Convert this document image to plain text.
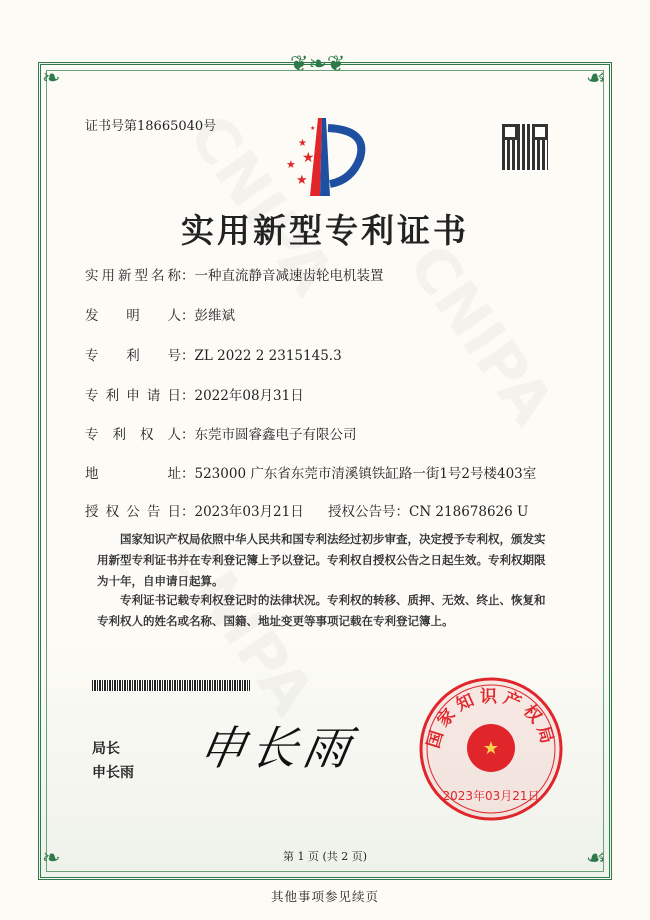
❦❧❦
❧	☙
❧	☙
证书号第18665040号
★
★
★
★
★
实用新型专利证书
实用新型名称：一种直流静音减速齿轮电机装置
发明人：彭维斌
专利号：ZL 2022 2 2315145.3
专利申请日：2022年08月31日
专利权人：东莞市圆睿鑫电子有限公司
地址：523000 广东省东莞市清溪镇铁缸路一街1号2号楼403室
授权公告日：2023年03月21日 授权公告号：CN 218678626 U
国家知识产权局依照中华人民共和国专利法经过初步审查，决定授予专利权，颁发实用新型专利证书并在专利登记簿上予以登记。专利权自授权公告之日起生效。专利权期限为十年，自申请日起算。
专利证书记载专利权登记时的法律状况。专利权的转移、质押、无效、终止、恢复和专利权人的姓名或名称、国籍、地址变更等事项记载在专利登记簿上。
局长
申长雨 申长雨	国家知识产权局
★
2023年03月21日
第 1 页 (共 2 页)
其他事项参见续页
